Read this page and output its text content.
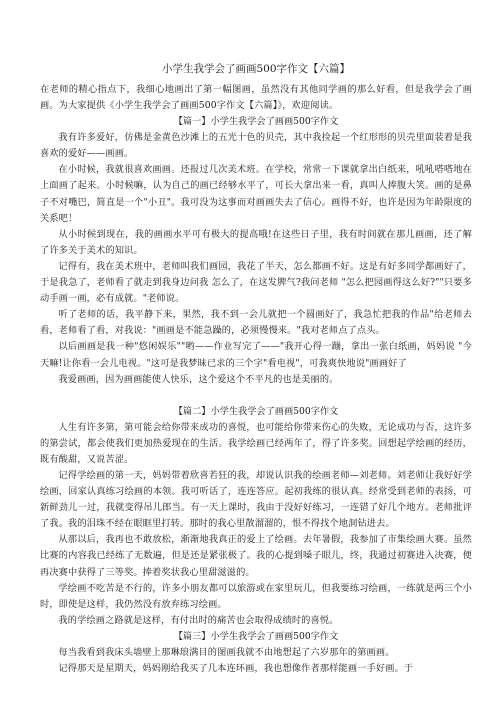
小学生我学会了画画500字作文【六篇】

在老师的精心指点下，我细心地画出了第一幅图画，虽然没有其他同学画的那么好看，但是我学会了画画。为大家提供《小学生我学会了画画500字作文【六篇】》，欢迎阅读。

【篇一】小学生我学会了画画500字作文

我有许多爱好，仿佛是金黄色沙滩上的五光十色的贝壳，其中我捡起一个红形形的贝壳里面装着是我喜欢的爱好——画画。

在小时候，我就很喜欢画画。还报过几次美术班。在学校，常常一下课就拿出白纸来，吼吼嗒嗒地在上面画了起来。小时候嘛，认为自己的画已经够水平了，可长大拿出来一看，真叫人捧腹大笑。画的是鼻子不对嘴巴，简直是一个"小丑"。我可没为这事而对画画失去了信心。画得不好，也许是因为年龄限度的关系吧！

从小时候到现在，我的画画水平可有极大的提高哦!在这些日子里，我有时间就在那儿画画，还了解了许多关于美术的知识。

记得有，我在美术班中，老师叫我们画园，我花了半天，怎么都画不好。这是有好多同学都画好了，于是我急了，老师看了就走到我身边问我 怎么了，在这发脾气?我问老师 "怎么把园画得这么好?""只要多动手画一画，必有成就。"老师说。

听了老师的话，我平静下来，果然，我不到一会儿就把一个圆画好了，我急忙把我的作品"给老师去看，老师看了看，对我说："画画是不能急躁的，必须慢慢来。"我对老师点了点头。

以后画画是我一种"悠闲娱乐""哟——作业写完了——"我开心得一蹦，拿出一张白纸画，妈妈说 "今天嘛!让你看一会儿电视。"这可是我梦昧已求的三个字"看电视"，可我爽快地说"画画好了

我爱画画，因为画画能使人快乐，这个爱这个不平凡的也是美丽的。

【篇二】小学生我学会了画画500字作文

人生有许多第，第可能会给你带来成功的喜悦，也可能给你带来伤心的失败，无论成功与否，这许多的第尝试，都会使我们更加热爱现在的生活。我学绘画已经两年了，得了许多奖。回想起学绘画的经历，既有酸甜，又说苦涩。

记得学绘画的第一天，妈妈带着欣喜若狂的我，却说认识我的绘画老师—刘老师。刘老师让我好好学绘画，回家认真练习绘画的本领。我可听话了，连连答应。起初我练的很认真。经常受到老师的表扬，可新鲜劲儿一过，我就变得吊儿郎当。有一天上课时，我由于没好好练习，一连错了好几个地方。老师批评了我。我的泪珠不经在眼眶里打转。那时的我心里散溜溜的，恨不得找个地洞钻进去。

从那以后，我再也不敢放松，渐渐地我真正的爱上了绘画。去年暑假，我参加了市集绘画大赛。虽然比赛的内容我已经练了无数遍，但是还是紧张极了。我的心提到嗓子眼儿，终，我通过初赛进入决赛，便再决赛中获得了三等奖。捧着奖状我心里甜滋滋的。

学绘画不吃苦是不行的，许多小朋友都可以旅游或在家里玩儿，但我要练习绘画，一练就是两三个小时，即使是这样，我仍然没有放弃练习绘画。

我的学绘画之路就是这样，有付出时的痛苦也会取得成绩时的喜悦。

【篇三】小学生我学会了画画500字作文

每当我看到我床头墙壁上那琳琅满目的图画我就不由地想起了六岁那年的第画画。

记得那天是星期天，妈妈刚给我买了几本连环画，我也想像作者那样能画一手好画。于
